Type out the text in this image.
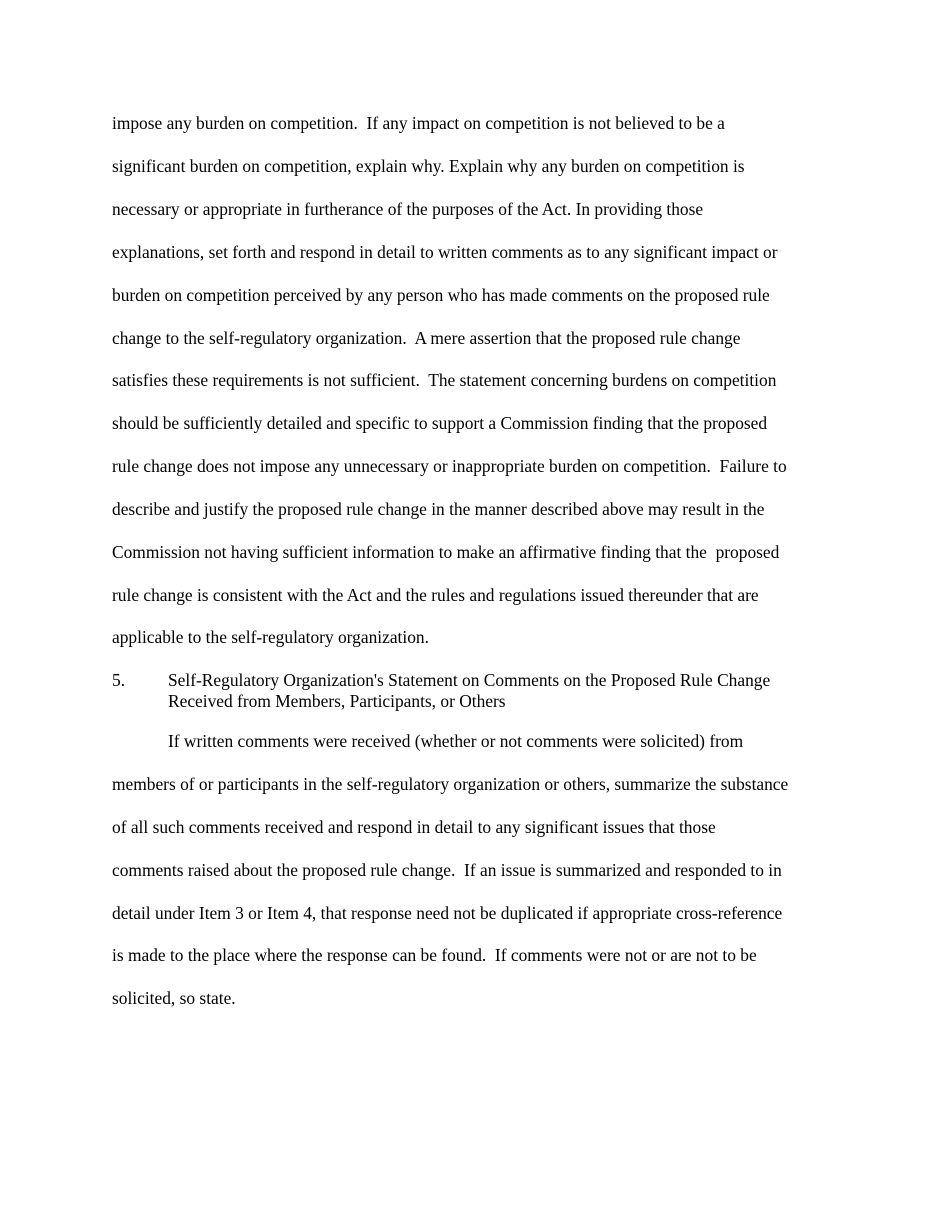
impose any burden on competition.  If any impact on competition is not believed to be a
significant burden on competition, explain why. Explain why any burden on competition is
necessary or appropriate in furtherance of the purposes of the Act. In providing those
explanations, set forth and respond in detail to written comments as to any significant impact or
burden on competition perceived by any person who has made comments on the proposed rule
change to the self-regulatory organization.  A mere assertion that the proposed rule change
satisfies these requirements is not sufficient.  The statement concerning burdens on competition
should be sufficiently detailed and specific to support a Commission finding that the proposed
rule change does not impose any unnecessary or inappropriate burden on competition.  Failure to
describe and justify the proposed rule change in the manner described above may result in the
Commission not having sufficient information to make an affirmative finding that the  proposed
rule change is consistent with the Act and the rules and regulations issued thereunder that are
applicable to the self-regulatory organization.
5. Self-Regulatory Organization's Statement on Comments on the Proposed Rule Change
Received from Members, Participants, or Others
If written comments were received (whether or not comments were solicited) from
members of or participants in the self-regulatory organization or others, summarize the substance
of all such comments received and respond in detail to any significant issues that those
comments raised about the proposed rule change.  If an issue is summarized and responded to in
detail under Item 3 or Item 4, that response need not be duplicated if appropriate cross-reference
is made to the place where the response can be found.  If comments were not or are not to be
solicited, so state.
